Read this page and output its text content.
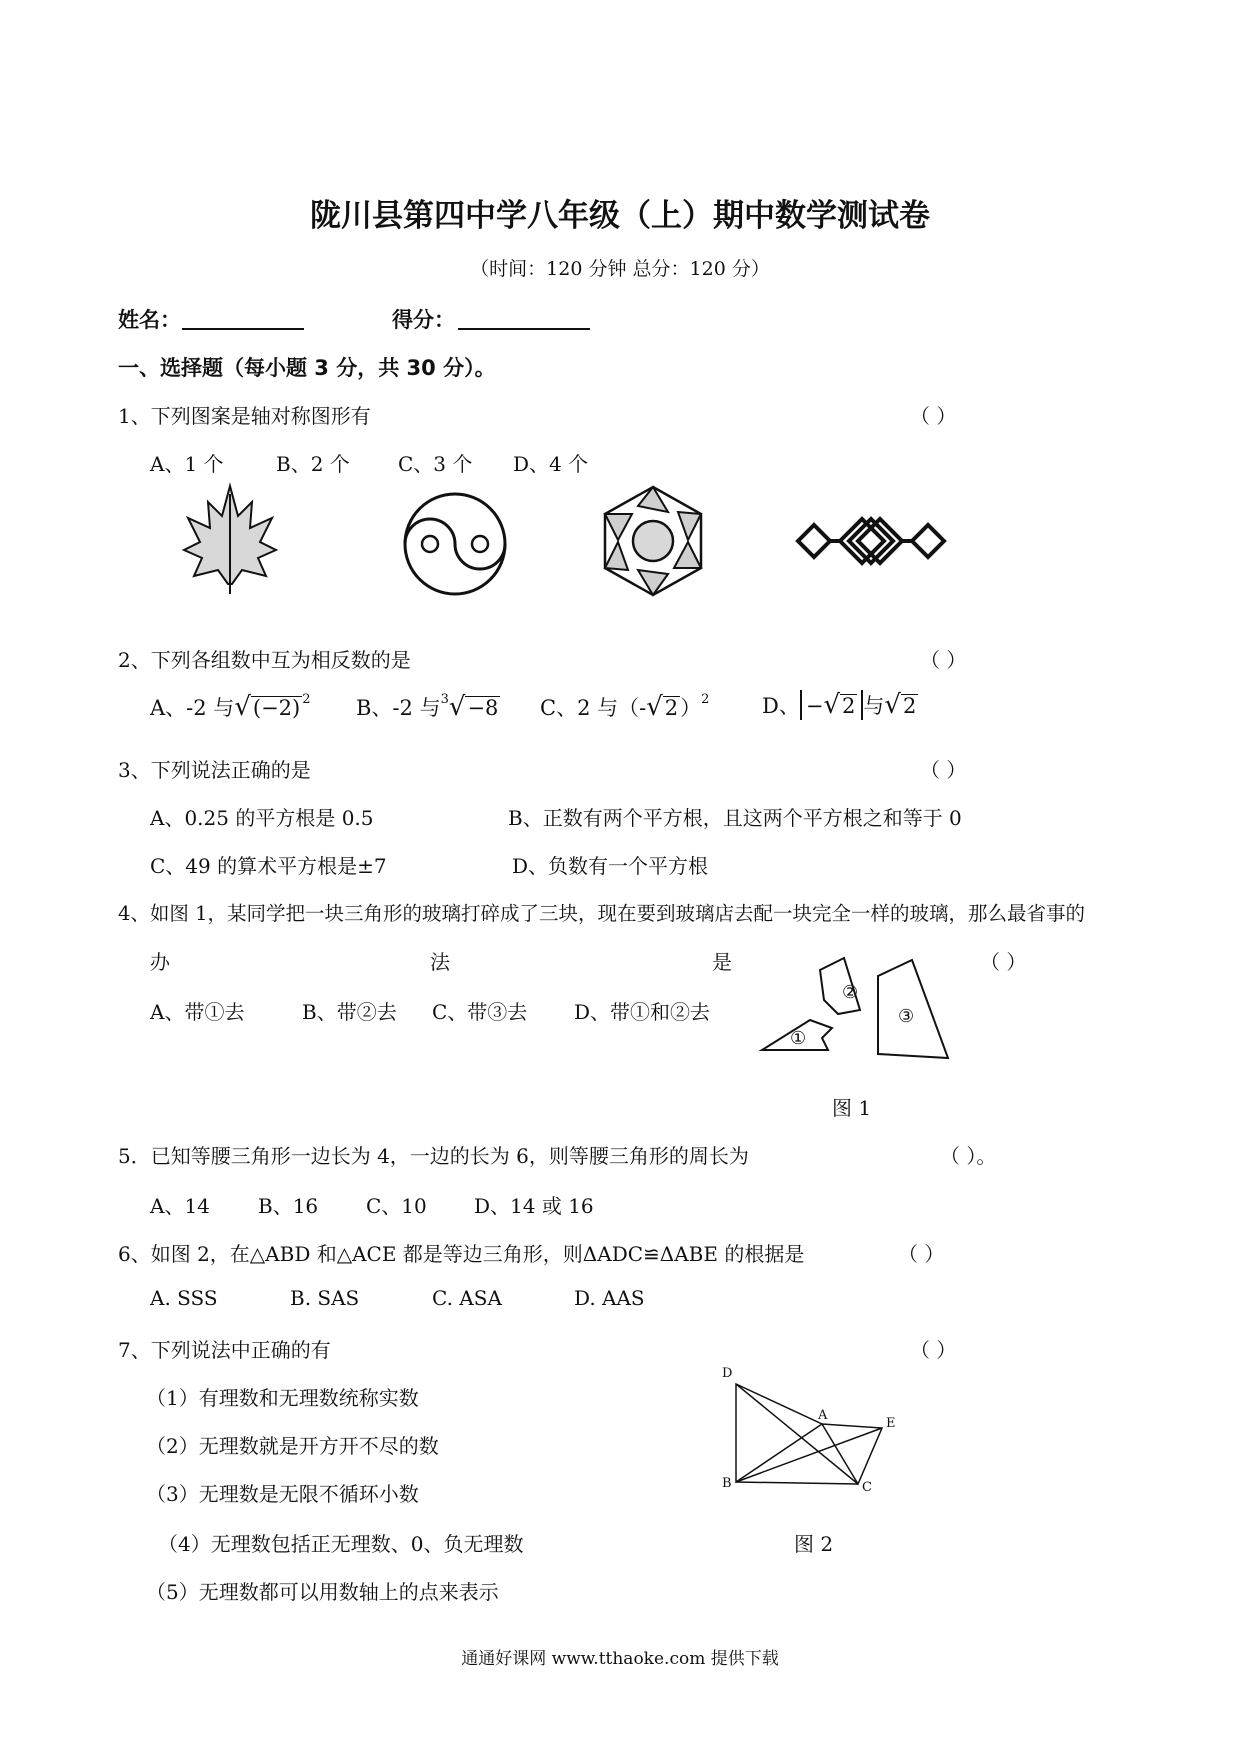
陇川县第四中学八年级（上）期中数学测试卷
（时间：120 分钟 总分：120 分）
姓名：	得分：
一、选择题（每小题 3 分，共 30 分）。
1、下列图案是轴对称图形有	（ ）
A、1 个	B、2 个 C、3 个 D、4 个
2、下列各组数中互为相反数的是	（ ）
A、-2 与√(−2) $^2$ B、-2 与$^3$√−8 C、2 与$(-√2)^2$	D、 −√2 与√2
3、下列说法正确的是	（ ）
A、0.25 的平方根是 0.5	B、正数有两个平方根，且这两个平方根之和等于 0
C、49 的算术平方根是±7	D、负数有一个平方根
4、如图 1，某同学把一块三角形的玻璃打碎成了三块，现在要到玻璃店去配一块完全一样的玻璃，那么最省事的
办	法	是	（ ）
A、带①去	B、带②去 C、带③去 D、带①和②去
①
②
③
图 1
5．已知等腰三角形一边长为 4，一边的长为 6，则等腰三角形的周长为	（ ）。
A、14 B、16 C、10 D、14 或 16
6、如图 2，在△ABD 和△ACE 都是等边三角形，则ΔADC≌ΔABE 的根据是	（ ）
A. SSS	B. SAS	C. ASA	D. AAS
7、下列说法中正确的有	（ ）
（1）有理数和无理数统称实数
（2）无理数就是开方开不尽的数
（3）无理数是无限不循环小数
（4）无理数包括正无理数、0、负无理数
（5）无理数都可以用数轴上的点来表示
D
A
E
B	C
图 2
通通好课网 www.tthaoke.com 提供下载
